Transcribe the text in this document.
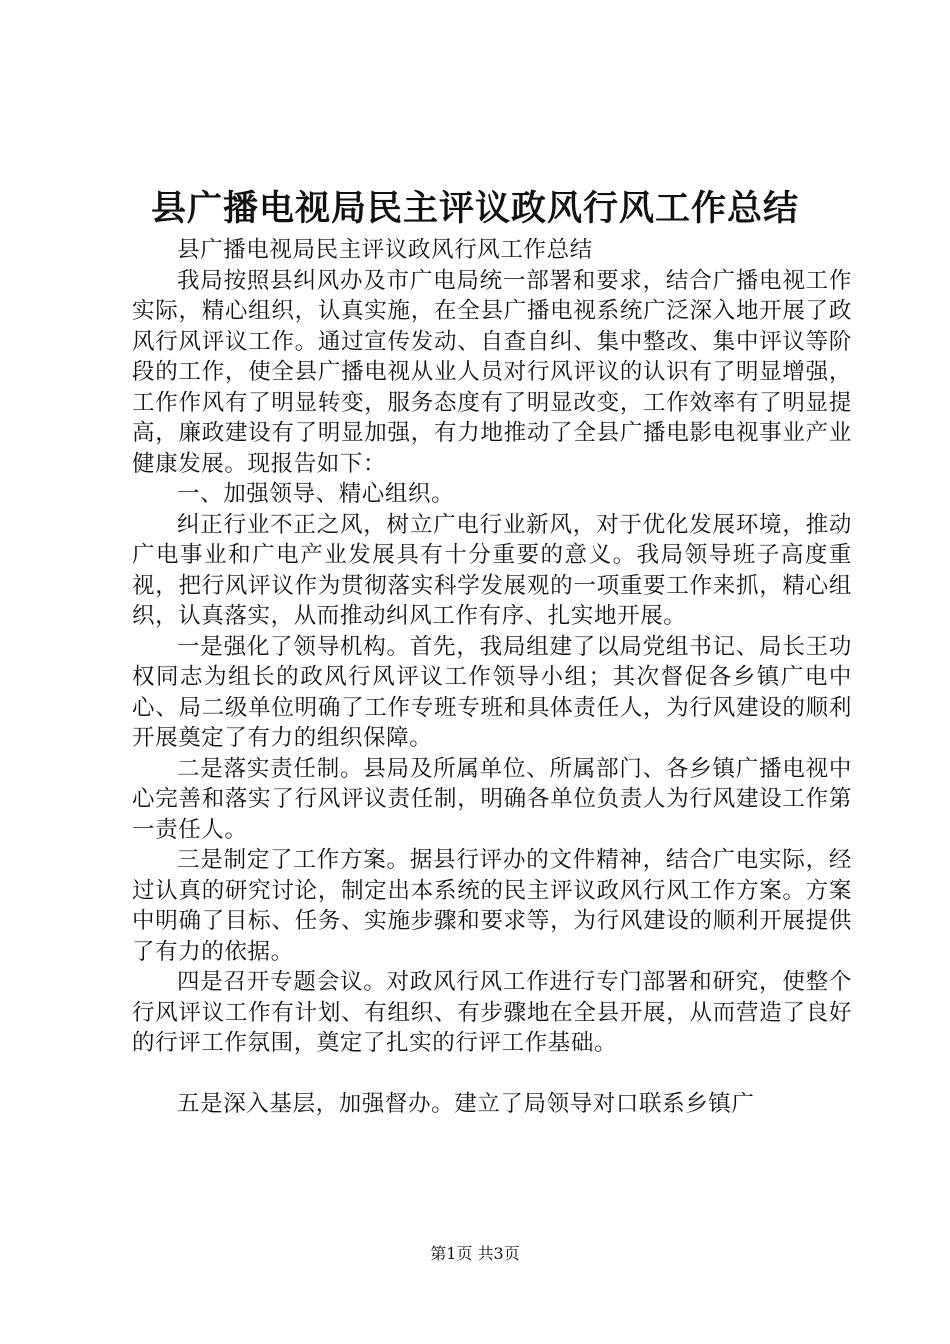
县广播电视局民主评议政风行风工作总结

县广播电视局民主评议政风行风工作总结

我局按照县纠风办及市广电局统一部署和要求，结合广播电视工作实际，精心组织，认真实施，在全县广播电视系统广泛深入地开展了政风行风评议工作。通过宣传发动、自查自纠、集中整改、集中评议等阶段的工作，使全县广播电视从业人员对行风评议的认识有了明显增强，工作作风有了明显转变，服务态度有了明显改变，工作效率有了明显提高，廉政建设有了明显加强，有力地推动了全县广播电影电视事业产业健康发展。现报告如下：

一、加强领导、精心组织。

纠正行业不正之风，树立广电行业新风，对于优化发展环境，推动广电事业和广电产业发展具有十分重要的意义。我局领导班子高度重视，把行风评议作为贯彻落实科学发展观的一项重要工作来抓，精心组织，认真落实，从而推动纠风工作有序、扎实地开展。

一是强化了领导机构。首先，我局组建了以局党组书记、局长王功权同志为组长的政风行风评议工作领导小组；其次督促各乡镇广电中心、局二级单位明确了工作专班专班和具体责任人，为行风建设的顺利开展奠定了有力的组织保障。

二是落实责任制。县局及所属单位、所属部门、各乡镇广播电视中心完善和落实了行风评议责任制，明确各单位负责人为行风建设工作第一责任人。

三是制定了工作方案。据县行评办的文件精神，结合广电实际，经过认真的研究讨论，制定出本系统的民主评议政风行风工作方案。方案中明确了目标、任务、实施步骤和要求等，为行风建设的顺利开展提供了有力的依据。

四是召开专题会议。对政风行风工作进行专门部署和研究，使整个行风评议工作有计划、有组织、有步骤地在全县开展，从而营造了良好的行评工作氛围，奠定了扎实的行评工作基础。

五是深入基层，加强督办。建立了局领导对口联系乡镇广

第1页 共3页
